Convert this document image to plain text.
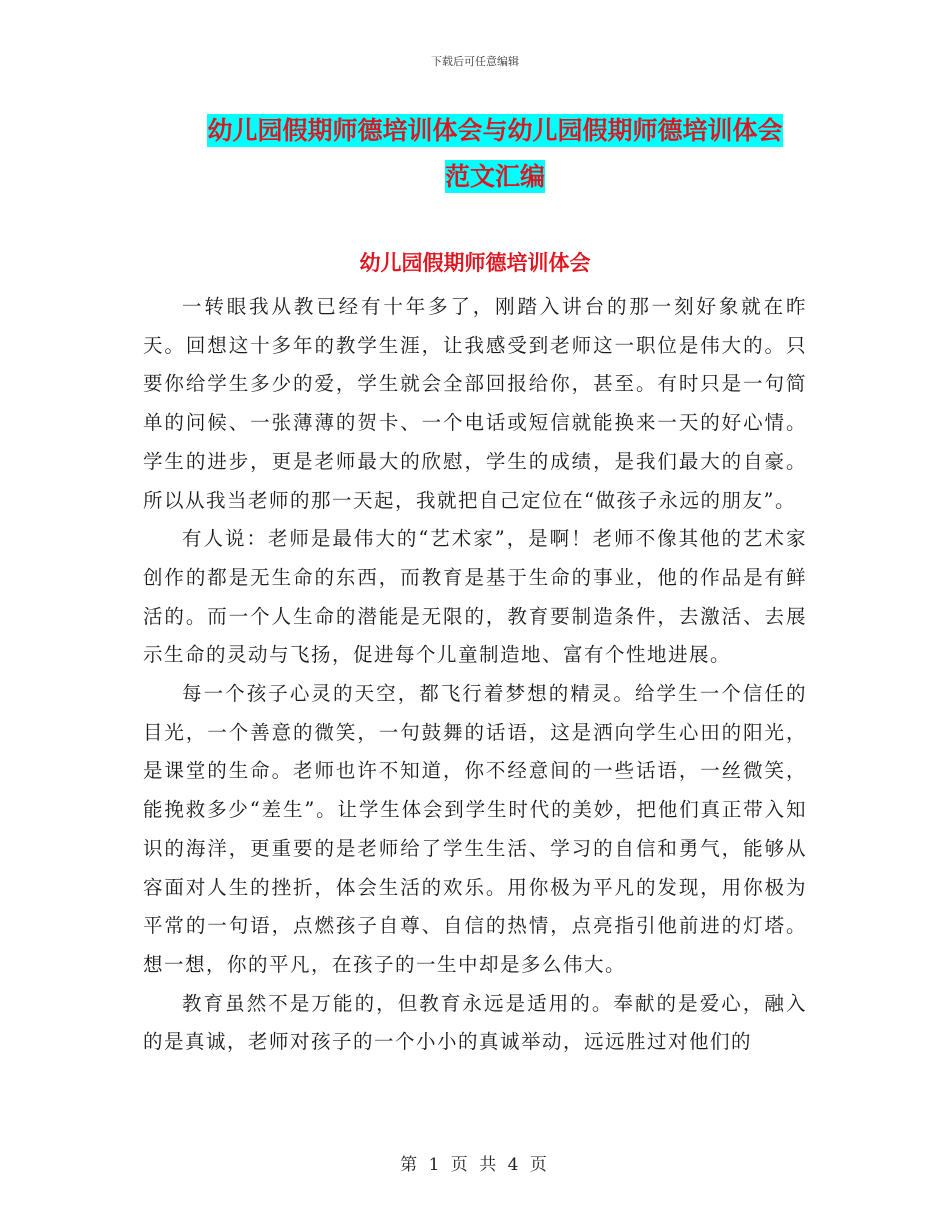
下载后可任意编辑
幼儿园假期师德培训体会与幼儿园假期师德培训体会
范文汇编
幼儿园假期师德培训体会

一转眼我从教已经有十年多了，刚踏入讲台的那一刻好象就在昨天。回想这十多年的教学生涯，让我感受到老师这一职位是伟大的。只要你给学生多少的爱，学生就会全部回报给你，甚至。有时只是一句简单的问候、一张薄薄的贺卡、一个电话或短信就能换来一天的好心情。学生的进步，更是老师最大的欣慰，学生的成绩，是我们最大的自豪。所以从我当老师的那一天起，我就把自己定位在“做孩子永远的朋友”。

有人说：老师是最伟大的“艺术家”，是啊！老师不像其他的艺术家创作的都是无生命的东西，而教育是基于生命的事业，他的作品是有鲜活的。而一个人生命的潜能是无限的，教育要制造条件，去激活、去展示生命的灵动与飞扬，促进每个儿童制造地、富有个性地进展。

每一个孩子心灵的天空，都飞行着梦想的精灵。给学生一个信任的目光，一个善意的微笑，一句鼓舞的话语，这是洒向学生心田的阳光，是课堂的生命。老师也许不知道，你不经意间的一些话语，一丝微笑，能挽救多少“差生”。让学生体会到学生时代的美妙，把他们真正带入知识的海洋，更重要的是老师给了学生生活、学习的自信和勇气，能够从容面对人生的挫折，体会生活的欢乐。用你极为平凡的发现，用你极为平常的一句语，点燃孩子自尊、自信的热情，点亮指引他前进的灯塔。想一想，你的平凡，在孩子的一生中却是多么伟大。

教育虽然不是万能的，但教育永远是适用的。奉献的是爱心，融入的是真诚，老师对孩子的一个小小的真诚举动，远远胜过对他们的

第 1 页 共 4 页
